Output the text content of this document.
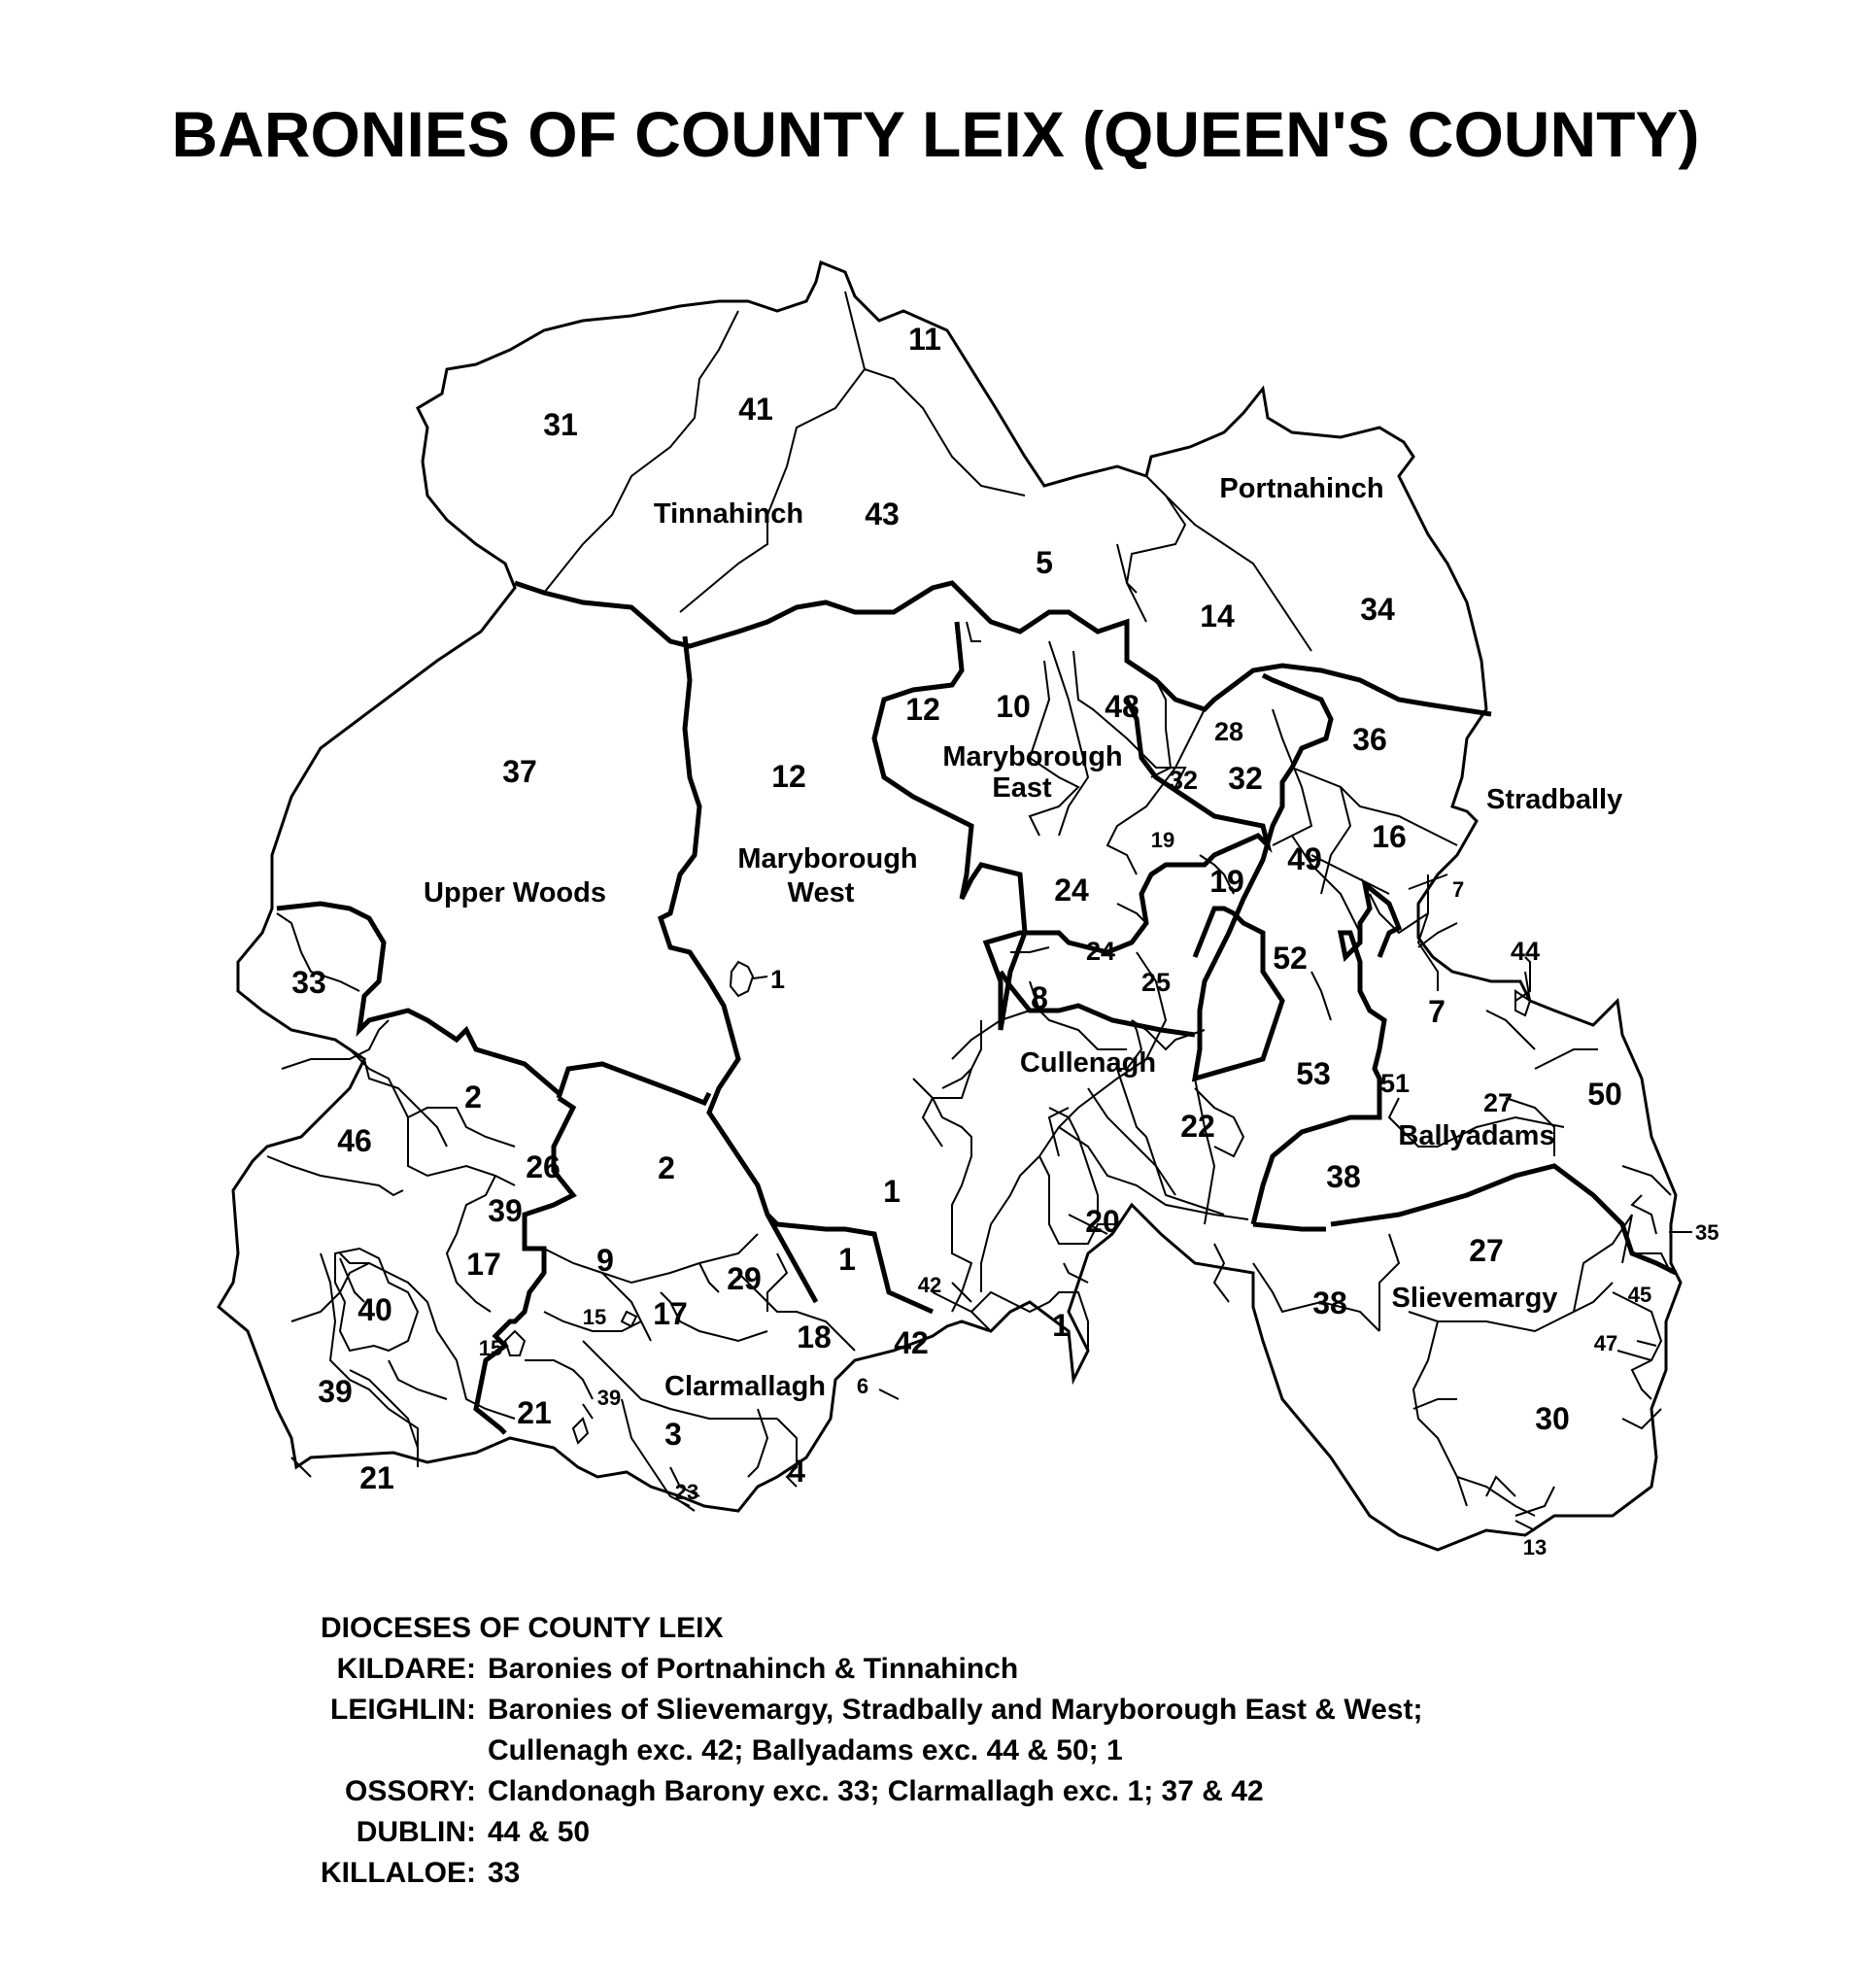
BARONIES OF COUNTY LEIX (QUEEN'S COUNTY)
Tinnahinch
Portnahinch
Upper Woods
Maryborough
West
Maryborough
East	Stradbally
Cullenagh
Ballyadams
Slievemargy
Clarmallagh
11
31	41
43
5
14	34
12 10 48
37	12
28
32 32
36
16
19
19
49
24
1
33
24
25
8
52
7
44
7
53 51
27 50
2
46
26
39
2
1
22
38
20
17	9
29
1
40	15 17
18
42
42
27
38	45
35
47
15
21 39
3
6
4
23
39
21
1
30
13
DIOCESES OF COUNTY LEIX
KILDARE: Baronies of Portnahinch & Tinnahinch
LEIGHLIN: Baronies of Slievemargy, Stradbally and Maryborough East & West;
Cullenagh exc. 42; Ballyadams exc. 44 & 50; 1
OSSORY: Clandonagh Barony exc. 33; Clarmallagh exc. 1; 37 & 42
DUBLIN: 44 & 50
KILLALOE: 33
